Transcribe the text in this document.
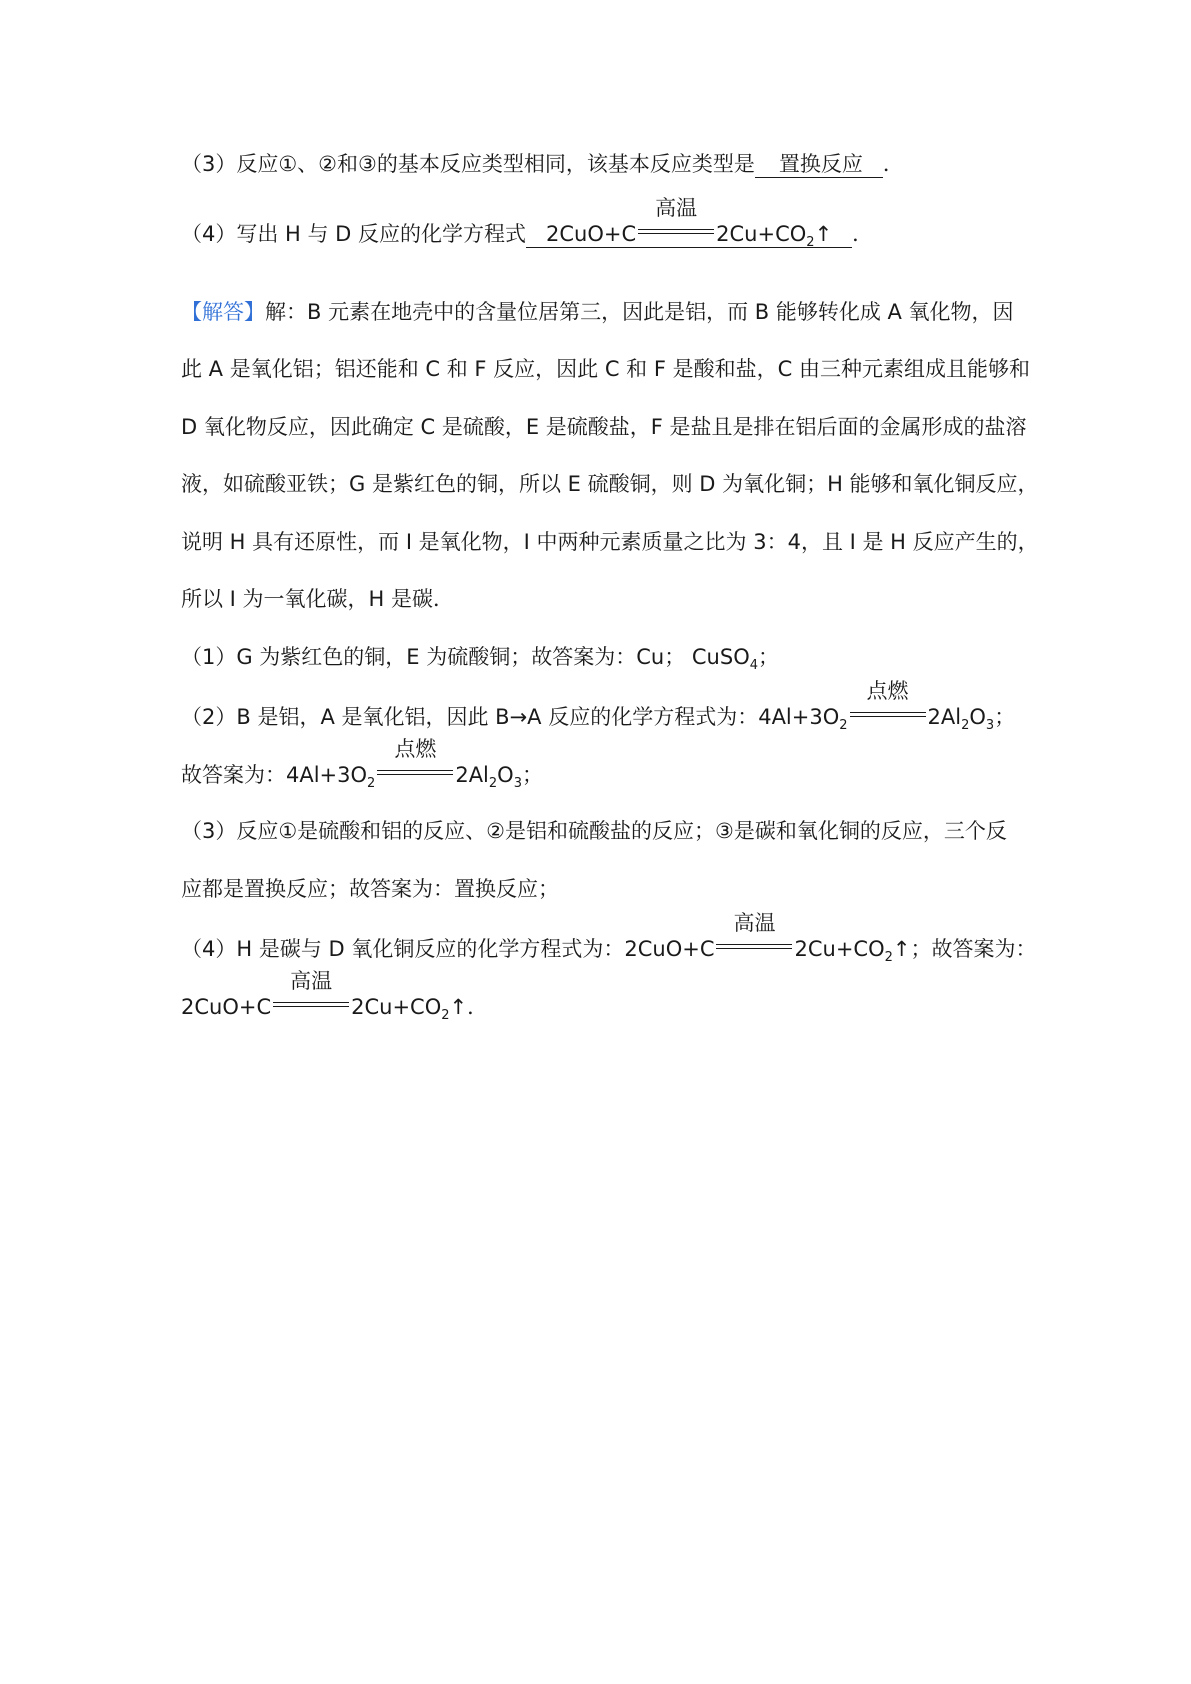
（3）反应①、②和③的基本反应类型相同，该基本反应类型是 置换反应 ．
（4）写出 H 与 D 反应的化学方程式 2CuO+C
高温
$2Cu+CO_2↑$ ．
【解答】解：B 元素在地壳中的含量位居第三，因此是铝，而 B 能够转化成 A 氧化物，因
此 A 是氧化铝；铝还能和 C 和 F 反应，因此 C 和 F 是酸和盐，C 由三种元素组成且能够和
D 氧化物反应，因此确定 C 是硫酸，E 是硫酸盐，F 是盐且是排在铝后面的金属形成的盐溶
液，如硫酸亚铁；G 是紫红色的铜，所以 E 硫酸铜，则 D 为氧化铜；H 能够和氧化铜反应，
说明 H 具有还原性，而 I 是氧化物，I 中两种元素质量之比为 3：4，且 I 是 H 反应产生的，
所以 I 为一氧化碳，H 是碳．
（1）G 为紫红色的铜，E 为硫酸铜；故答案为：Cu； CuSO$_4$；
（2）B 是铝，A 是氧化铝，因此 B→A 反应的化学方程式为：$4Al+3O_2$
点燃
$2Al_2O_3$；
故答案为：$4Al+3O_2$
点燃
$2Al_2O_3$；
（3）反应①是硫酸和铝的反应、②是铝和硫酸盐的反应；③是碳和氧化铜的反应，三个反
应都是置换反应；故答案为：置换反应；
（4）H 是碳与 D 氧化铜反应的化学方程式为：2CuO+C
高温
$2Cu+CO_2↑$；故答案为：
2CuO+C
高温
$2Cu+CO_2↑$．
